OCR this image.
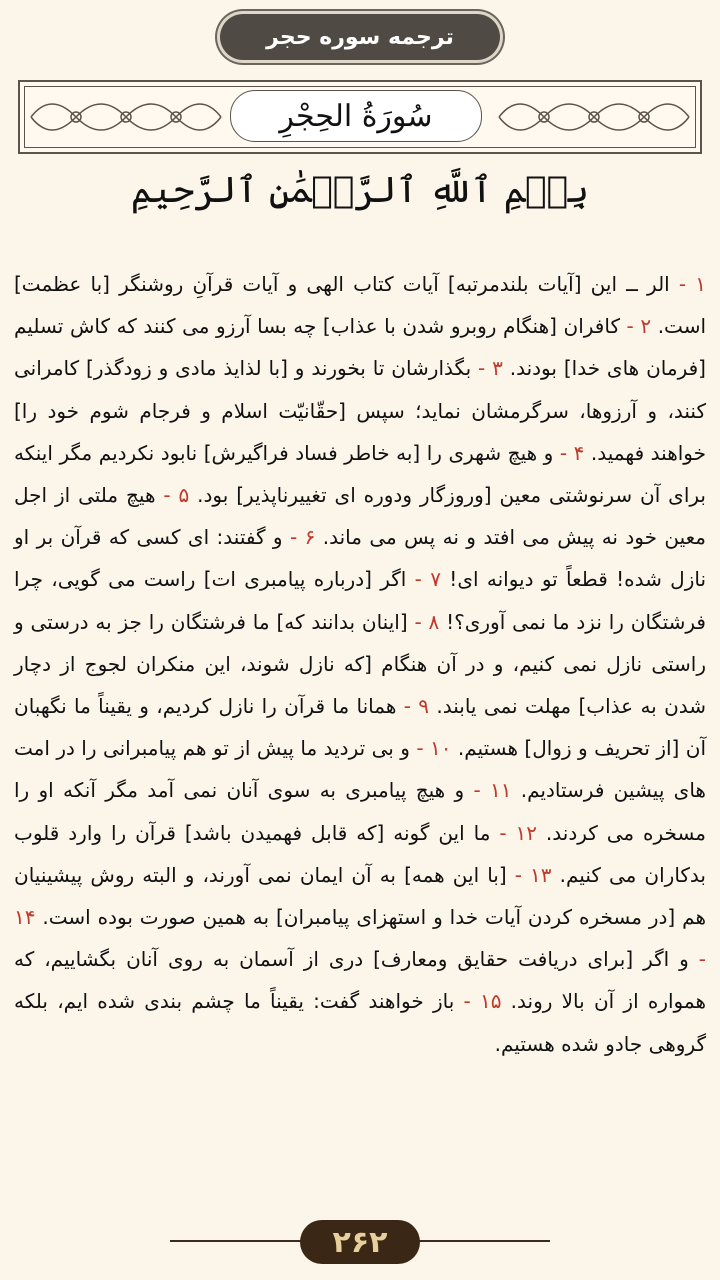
ترجمه سوره حجر
سُورَةُ الحِجْرِ
بِسۡمِ ٱللَّهِ ٱلرَّحۡمَٰنِ ٱلرَّحِيمِ
۱ - الر ــ این [آیات بلندمرتبه] آیات کتاب الهی و آیات قرآنِ روشنگر [با عظمت] است. ۲ - کافران [هنگام روبرو شدن با عذاب] چه بسا آرزو می کنند که کاش تسلیم [فرمان های خدا] بودند. ۳ - بگذارشان تا بخورند و [با لذایذ مادی و زودگذر] کامرانی کنند، و آرزوها، سرگرمشان نماید؛ سپس [حقّانیّت اسلام و فرجام شوم خود را] خواهند فهمید. ۴ - و هیچ شهری را [به خاطر فساد فراگیرش] نابود نکردیم مگر اینکه برای آن سرنوشتی معین [وروزگار ودوره ای تغییرناپذیر] بود. ۵ - هیچ ملتی از اجل معین خود نه پیش می افتد و نه پس می ماند. ۶ - و گفتند: ای کسی که قرآن بر او نازل شده! قطعاً تو دیوانه ای! ۷ - اگر [درباره پیامبری ات] راست می گویی، چرا فرشتگان را نزد ما نمی آوری؟! ۸ - [اینان بدانند که] ما فرشتگان را جز به درستی و راستی نازل نمی کنیم، و در آن هنگام [که نازل شوند، این منکران لجوج از دچار شدن به عذاب] مهلت نمی یابند. ۹ - همانا ما قرآن را نازل کردیم، و یقیناً ما نگهبان آن [از تحریف و زوال] هستیم. ۱۰ - و بی تردید ما پیش از تو هم پیامبرانی را در امت های پیشین فرستادیم. ۱۱ - و هیچ پیامبری به سوی آنان نمی آمد مگر آنکه او را مسخره می کردند. ۱۲ - ما این گونه [که قابل فهمیدن باشد] قرآن را وارد قلوب بدکاران می کنیم. ۱۳ - [با این همه] به آن ایمان نمی آورند، و البته روش پیشینیان هم [در مسخره کردن آیات خدا و استهزای پیامبران] به همین صورت بوده است. ۱۴ - و اگر [برای دریافت حقایق ومعارف] دری از آسمان به روی آنان بگشاییم، که همواره از آن بالا روند. ۱۵ - باز خواهند گفت: یقیناً ما چشم بندی شده ایم، بلکه گروهی جادو شده هستیم.
۲۶۲
